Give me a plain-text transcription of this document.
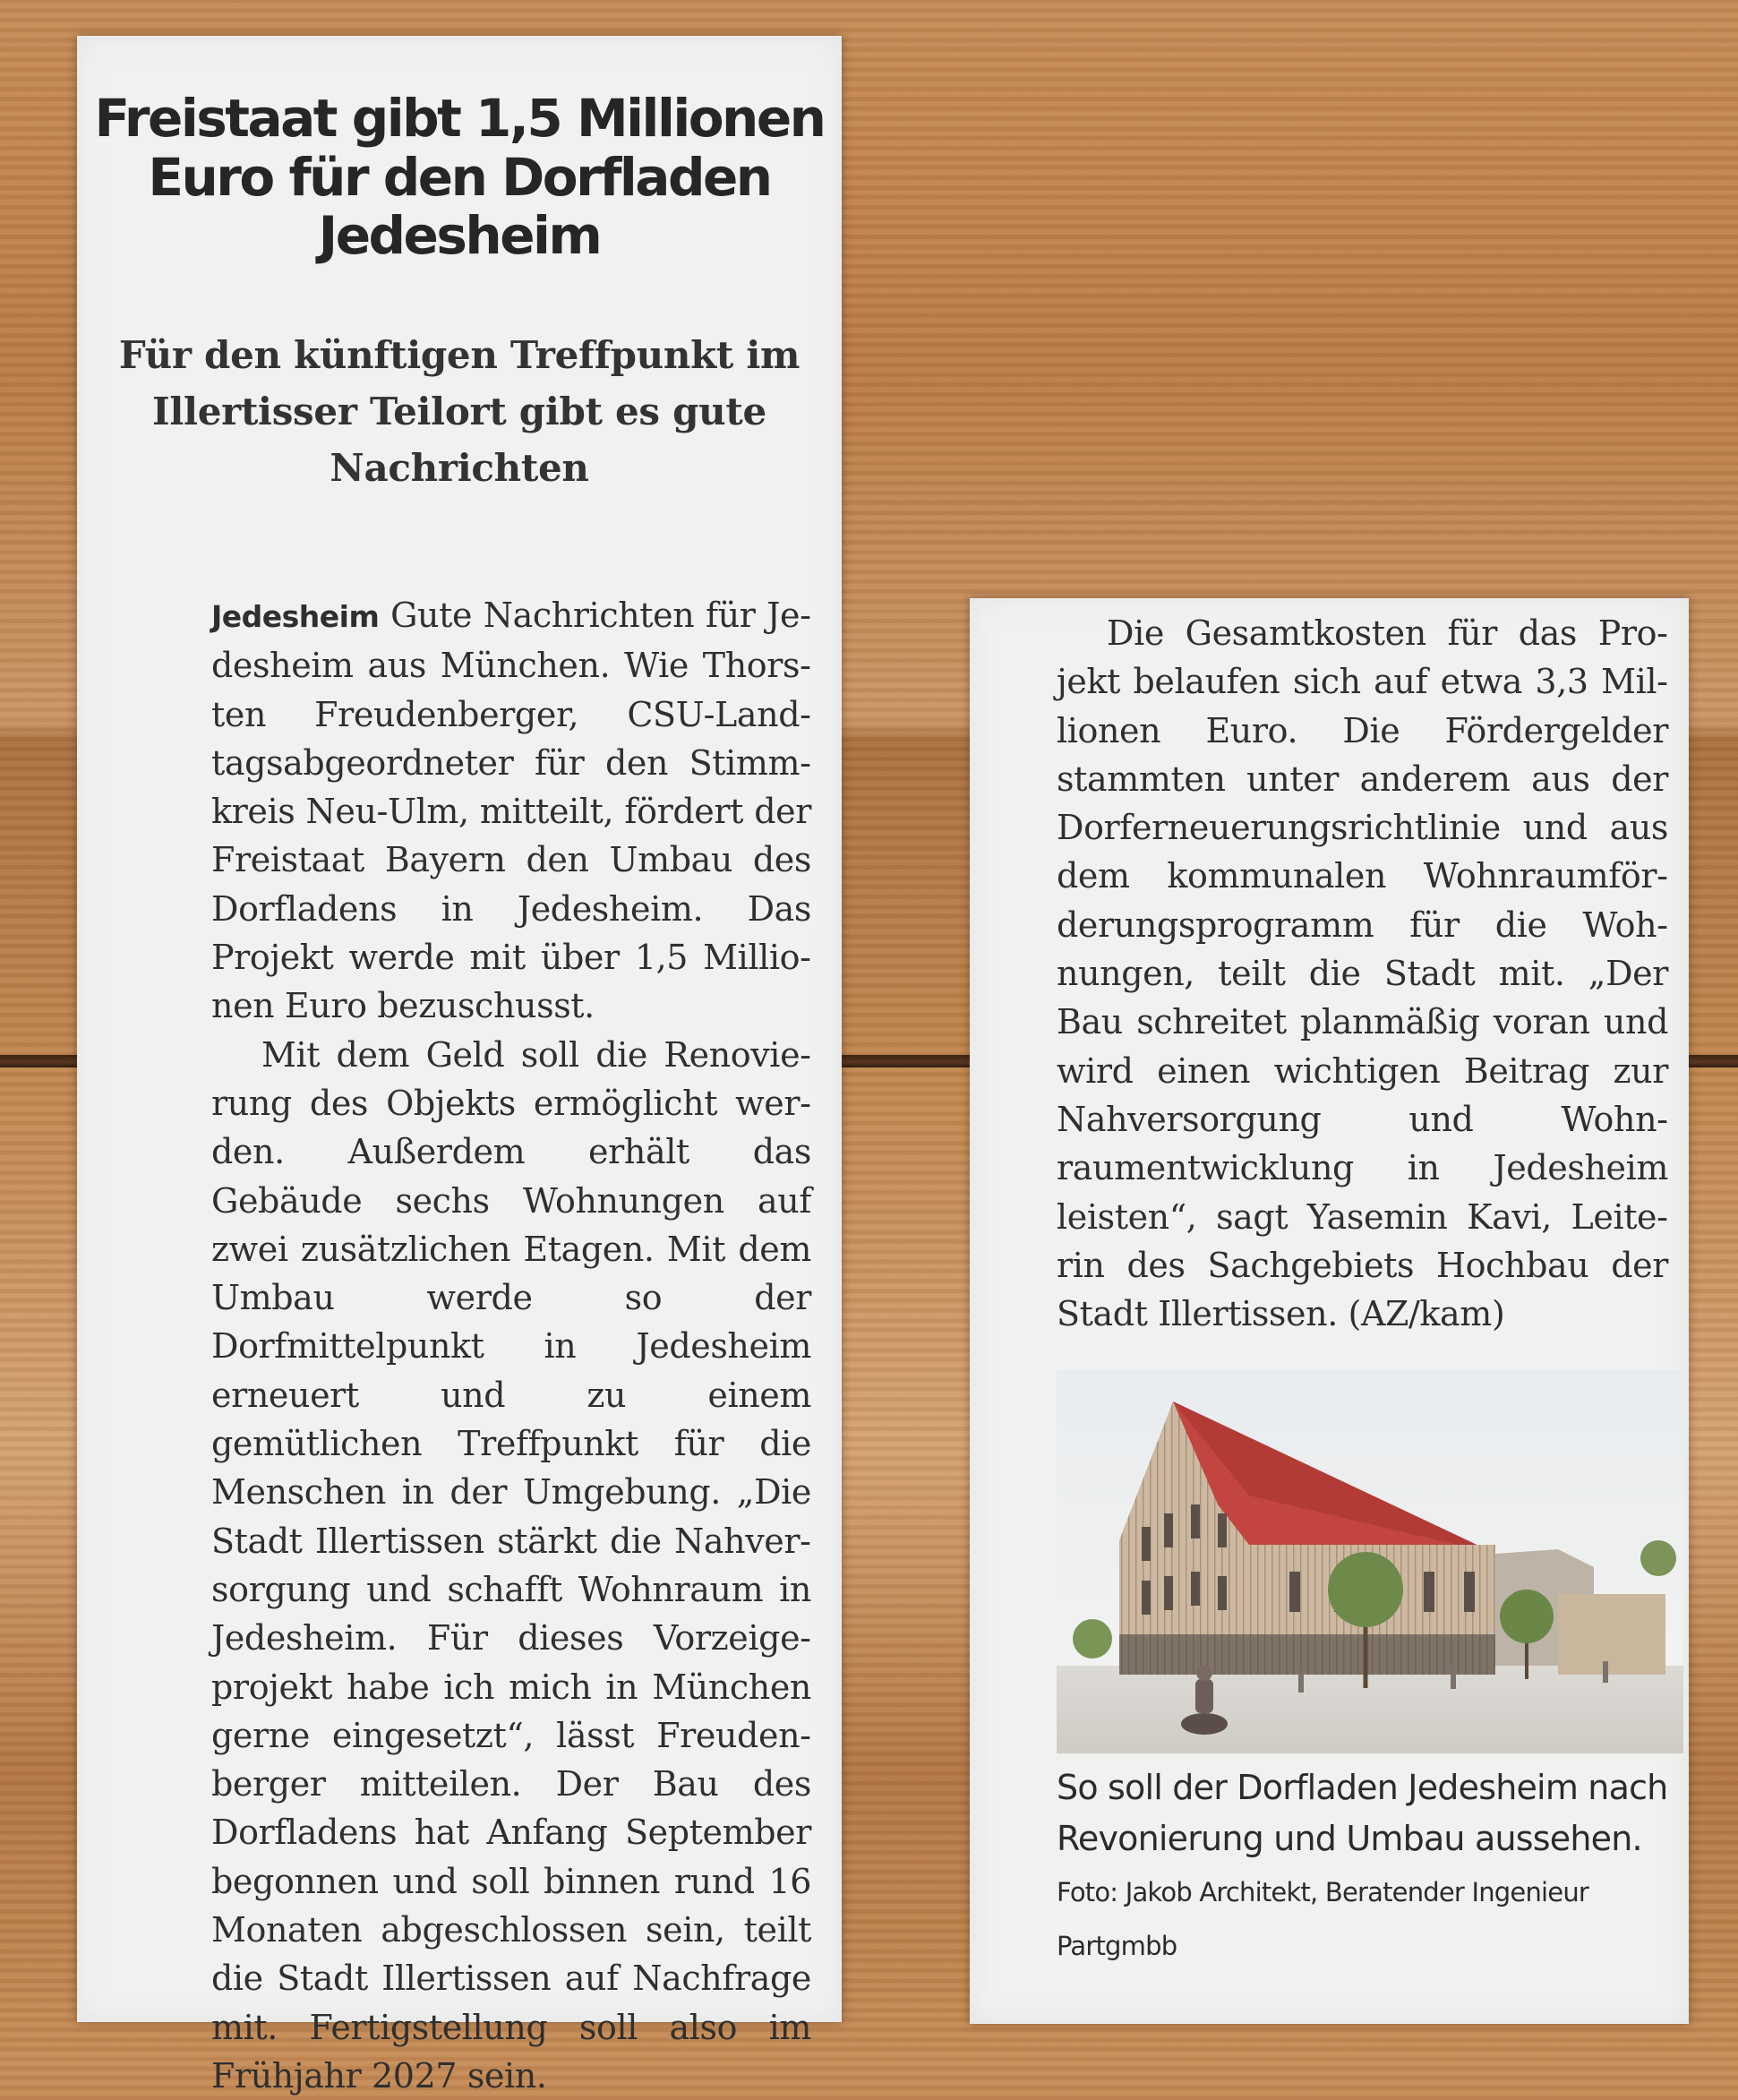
Freistaat gibt 1,5 Millionen Euro für den Dorfladen Jedesheim
Für den künftigen Treffpunkt im Illertisser Teilort gibt es gute Nachrichten

Jedesheim Gute Nachrichten für Jedesheim aus München. Wie Thorsten Freudenberger, CSU-Landtagsabgeordneter für den Stimmkreis Neu-Ulm, mitteilt, fördert der Freistaat Bayern den Umbau des Dorfladens in Jedesheim. Das Projekt werde mit über 1,5 Millionen Euro bezuschusst.

Mit dem Geld soll die Renovierung des Objekts ermöglicht werden. Außerdem erhält das Gebäude sechs Wohnungen auf zwei zusätzlichen Etagen. Mit dem Umbau werde so der Dorfmittelpunkt in Jedesheim erneuert und zu einem gemütlichen Treffpunkt für die Menschen in der Umgebung. „Die Stadt Illertissen stärkt die Nahversorgung und schafft Wohnraum in Jedesheim. Für dieses Vorzeigeprojekt habe ich mich in München gerne eingesetzt“, lässt Freudenberger mitteilen. Der Bau des Dorfladens hat Anfang September begonnen und soll binnen rund 16 Monaten abgeschlossen sein, teilt die Stadt Illertissen auf Nachfrage mit. Fertigstellung soll also im Frühjahr 2027 sein.

Die Gesamtkosten für das Projekt belaufen sich auf etwa 3,3 Millionen Euro. Die Fördergelder stammten unter anderem aus der Dorferneuerungsrichtlinie und aus dem kommunalen Wohnraumförderungsprogramm für die Wohnungen, teilt die Stadt mit. „Der Bau schreitet planmäßig voran und wird einen wichtigen Beitrag zur Nahversorgung und Wohnraumentwicklung in Jedesheim leisten“, sagt Yasemin Kavi, Leiterin des Sachgebiets Hochbau der Stadt Illertissen. (AZ/kam)

So soll der Dorfladen Jedesheim nach Revonierung und Umbau aussehen. Foto: Jakob Architekt, Beratender Ingenieur Partgmbb
